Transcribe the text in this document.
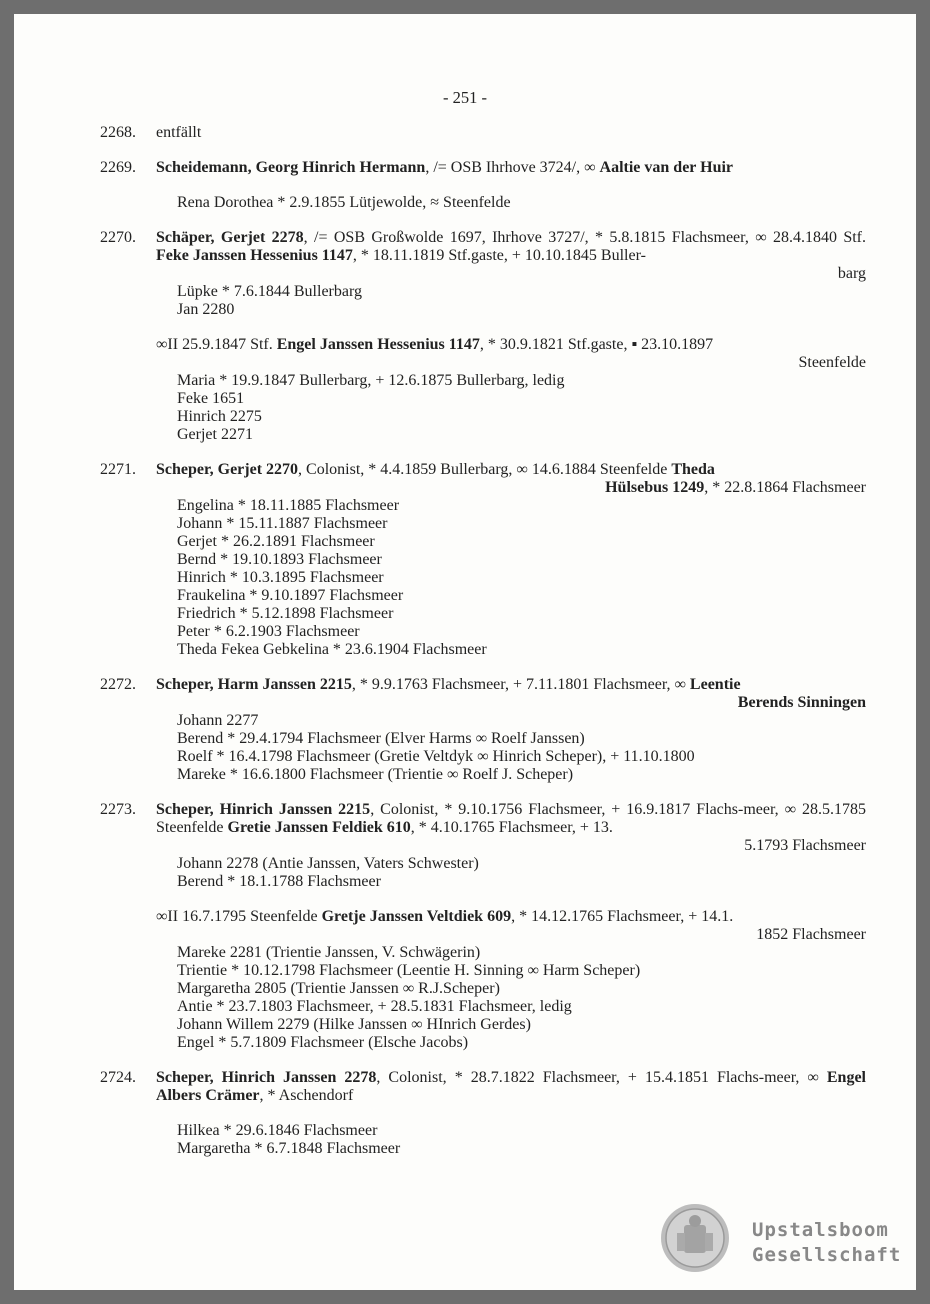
- 251 -
2268.	entfällt
2269.	Scheidemann, Georg Hinrich Hermann, /= OSB Ihrhove 3724/, ∞ Aaltie van der Huir
Rena Dorothea * 2.9.1855 Lütjewolde, ≈ Steenfelde
2270.	Schäper, Gerjet 2278, /= OSB Großwolde 1697, Ihrhove 3727/, * 5.8.1815 Flachsmeer, ∞ 28.4.1840 Stf. Feke Janssen Hessenius 1147, * 18.11.1819 Stf.gaste, + 10.10.1845 Buller-
barg
Lüpke * 7.6.1844 Bullerbarg
Jan 2280
∞II 25.9.1847 Stf. Engel Janssen Hessenius 1147, * 30.9.1821 Stf.gaste, ▪ 23.10.1897
Steenfelde
Maria * 19.9.1847 Bullerbarg, + 12.6.1875 Bullerbarg, ledig
Feke 1651
Hinrich 2275
Gerjet 2271
2271.	Scheper, Gerjet 2270, Colonist, * 4.4.1859 Bullerbarg, ∞ 14.6.1884 Steenfelde Theda
Hülsebus 1249, * 22.8.1864 Flachsmeer
Engelina * 18.11.1885 Flachsmeer
Johann * 15.11.1887 Flachsmeer
Gerjet * 26.2.1891 Flachsmeer
Bernd * 19.10.1893 Flachsmeer
Hinrich * 10.3.1895 Flachsmeer
Fraukelina * 9.10.1897 Flachsmeer
Friedrich * 5.12.1898 Flachsmeer
Peter * 6.2.1903 Flachsmeer
Theda Fekea Gebkelina * 23.6.1904 Flachsmeer
2272.	Scheper, Harm Janssen 2215, * 9.9.1763 Flachsmeer, + 7.11.1801 Flachsmeer, ∞ Leentie
Berends Sinningen
Johann 2277
Berend * 29.4.1794 Flachsmeer (Elver Harms ∞ Roelf Janssen)
Roelf * 16.4.1798 Flachsmeer (Gretie Veltdyk ∞ Hinrich Scheper), + 11.10.1800
Mareke * 16.6.1800 Flachsmeer (Trientie ∞ Roelf J. Scheper)
2273.	Scheper, Hinrich Janssen 2215, Colonist, * 9.10.1756 Flachsmeer, + 16.9.1817 Flachs-meer, ∞ 28.5.1785 Steenfelde Gretie Janssen Feldiek 610, * 4.10.1765 Flachsmeer, + 13.
5.1793 Flachsmeer
Johann 2278 (Antie Janssen, Vaters Schwester)
Berend * 18.1.1788 Flachsmeer
∞II 16.7.1795 Steenfelde Gretje Janssen Veltdiek 609, * 14.12.1765 Flachsmeer, + 14.1.
1852 Flachsmeer
Mareke 2281 (Trientie Janssen, V. Schwägerin)
Trientie * 10.12.1798 Flachsmeer (Leentie H. Sinning ∞ Harm Scheper)
Margaretha 2805 (Trientie Janssen ∞ R.J.Scheper)
Antie * 23.7.1803 Flachsmeer, + 28.5.1831 Flachsmeer, ledig
Johann Willem 2279 (Hilke Janssen ∞ HInrich Gerdes)
Engel * 5.7.1809 Flachsmeer (Elsche Jacobs)
2724.	Scheper, Hinrich Janssen 2278, Colonist, * 28.7.1822 Flachsmeer, + 15.4.1851 Flachs-meer, ∞ Engel Albers Crämer, * Aschendorf
Hilkea * 29.6.1846 Flachsmeer
Margaretha * 6.7.1848 Flachsmeer
Upstalsboom
Gesellschaft
